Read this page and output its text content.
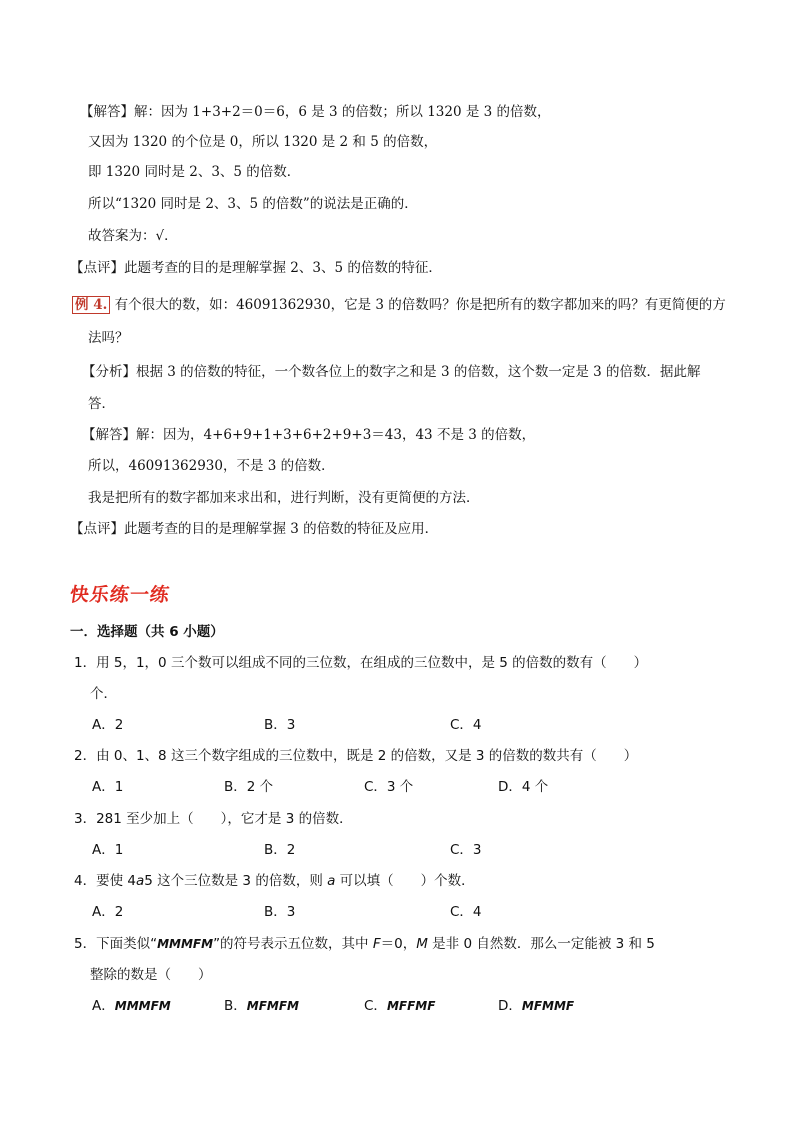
【解答】解：因为 1+3+2＝0＝6，6 是 3 的倍数；所以 1320 是 3 的倍数，
又因为 1320 的个位是 0，所以 1320 是 2 和 5 的倍数，
即 1320 同时是 2、3、5 的倍数．
所以“1320 同时是 2、3、5 的倍数”的说法是正确的．
故答案为：√．
【点评】此题考查的目的是理解掌握 2、3、5 的倍数的特征．
例 4. 有个很大的数，如：46091362930，它是 3 的倍数吗？你是把所有的数字都加来的吗？有更简便的方
法吗？
【分析】根据 3 的倍数的特征，一个数各位上的数字之和是 3 的倍数，这个数一定是 3 的倍数．据此解
答．
【解答】解：因为，4+6+9+1+3+6+2+9+3＝43，43 不是 3 的倍数，
所以，46091362930，不是 3 的倍数．
我是把所有的数字都加来求出和，进行判断，没有更简便的方法．
【点评】此题考查的目的是理解掌握 3 的倍数的特征及应用．
快乐练一练
一．选择题（共 6 小题）
1．用 5，1，0 三个数可以组成不同的三位数，在组成的三位数中，是 5 的倍数的数有（　　）
个．
A．2	B．3	C．4
2．由 0、1、8 这三个数字组成的三位数中，既是 2 的倍数，又是 3 的倍数的数共有（　　）
A．1	B．2 个	C．3 个	D．4 个
3．281 至少加上（　　），它才是 3 的倍数．
A．1	B．2	C．3
4．要使 4a5 这个三位数是 3 的倍数，则 a 可以填（　　）个数．
A．2	B．3	C．4
5．下面类似“MMMFM”的符号表示五位数，其中 F＝0，M 是非 0 自然数．那么一定能被 3 和 5
整除的数是（　　）
A．MMMFM	B．MFMFM	C．MFFMF	D．MFMMF
